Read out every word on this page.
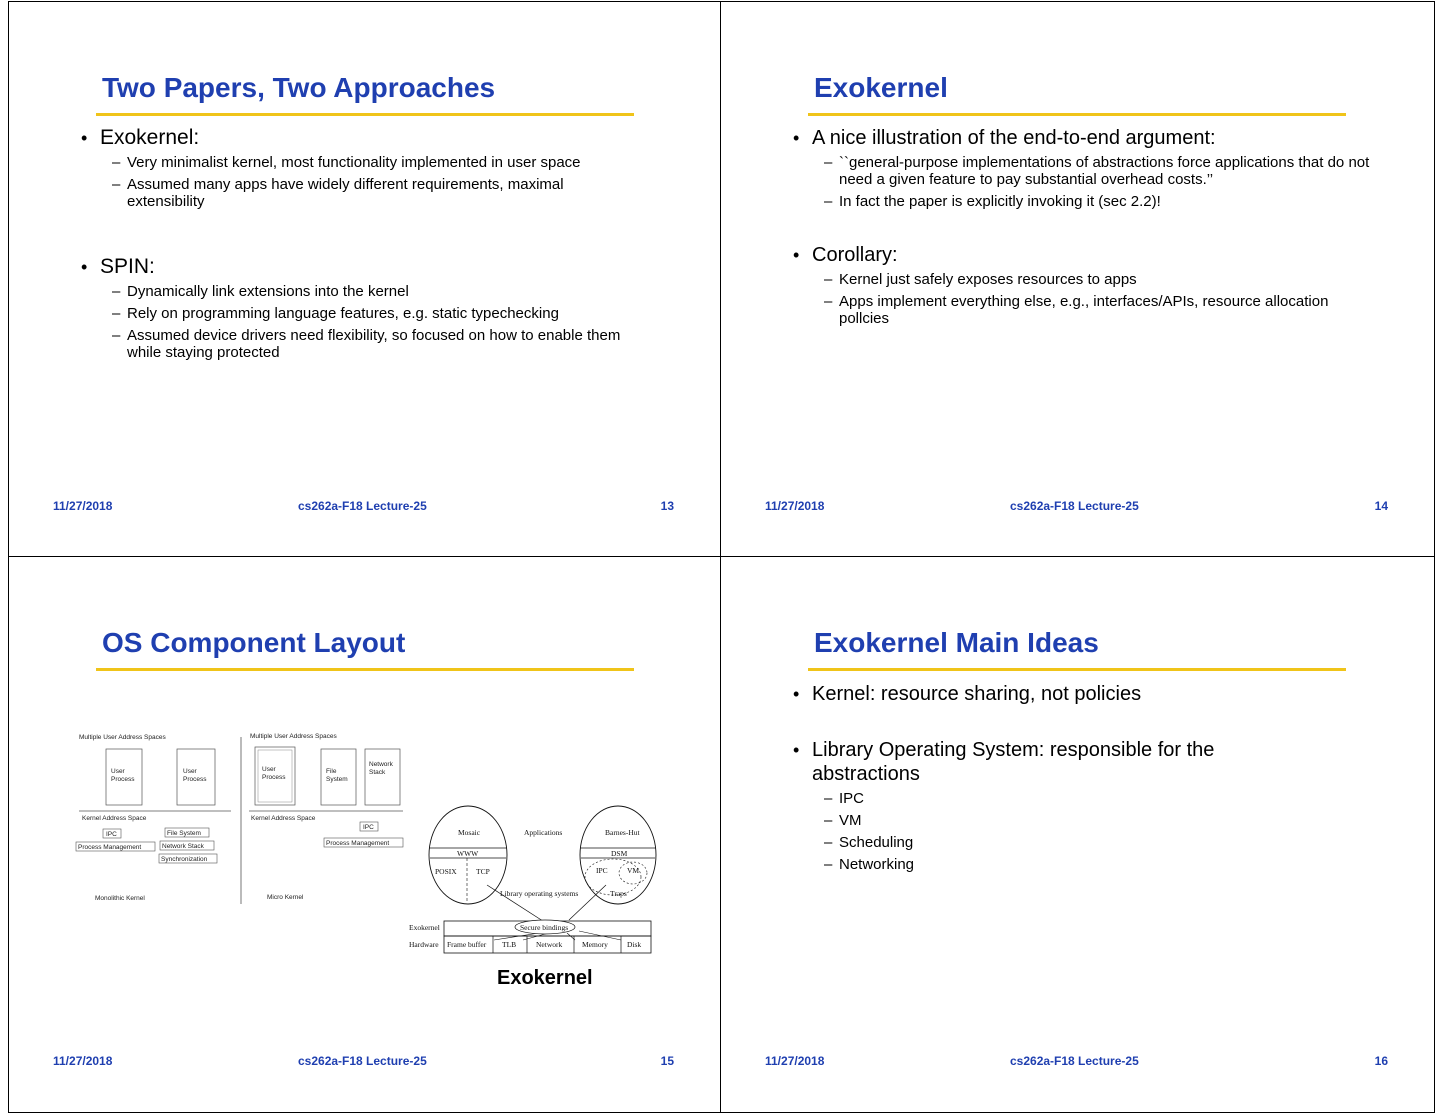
Two Papers, Two Approaches
• Exokernel:
– Very minimalist kernel, most functionality implemented in user space
– Assumed many apps have widely different requirements, maximal extensibility
• SPIN:
– Dynamically link extensions into the kernel
– Rely on programming language features, e.g. static typechecking
– Assumed device drivers need flexibility, so focused on how to enable them while staying protected
11/27/2018	cs262a-F18 Lecture-25	13
Exokernel
• A nice illustration of the end-to-end argument:
– ``general-purpose implementations of abstractions force applications that do not need a given feature to pay substantial overhead costs.’’
– In fact the paper is explicitly invoking it (sec 2.2)!
• Corollary:
– Kernel just safely exposes resources to apps
– Apps implement everything else, e.g., interfaces/APIs, resource allocation pollcies
11/27/2018	cs262a-F18 Lecture-25	14
OS Component Layout
Multiple User Address Spaces
User
Process
User
Process
Kernel Address Space
IPC	File System
Process Management	Network Stack
Synchronization
Monolithic Kernel
Multiple User Address Spaces
User
Process
File
System
Network
Stack
Kernel Address Space
IPC
Process Management
Micro Kernel
Mosaic
WWW
POSIX	TCP
Applications	Barnes-Hut
DSM
IPC	VM
Traps
Library operating systems
Secure bindings
Exokernel
Hardware Frame buffer TLB	Network	Memory	Disk
Exokernel
11/27/2018	cs262a-F18 Lecture-25	15
Exokernel Main Ideas
• Kernel: resource sharing, not policies
• Library Operating System: responsible for the abstractions
– IPC
– VM
– Scheduling
– Networking
11/27/2018	cs262a-F18 Lecture-25	16
